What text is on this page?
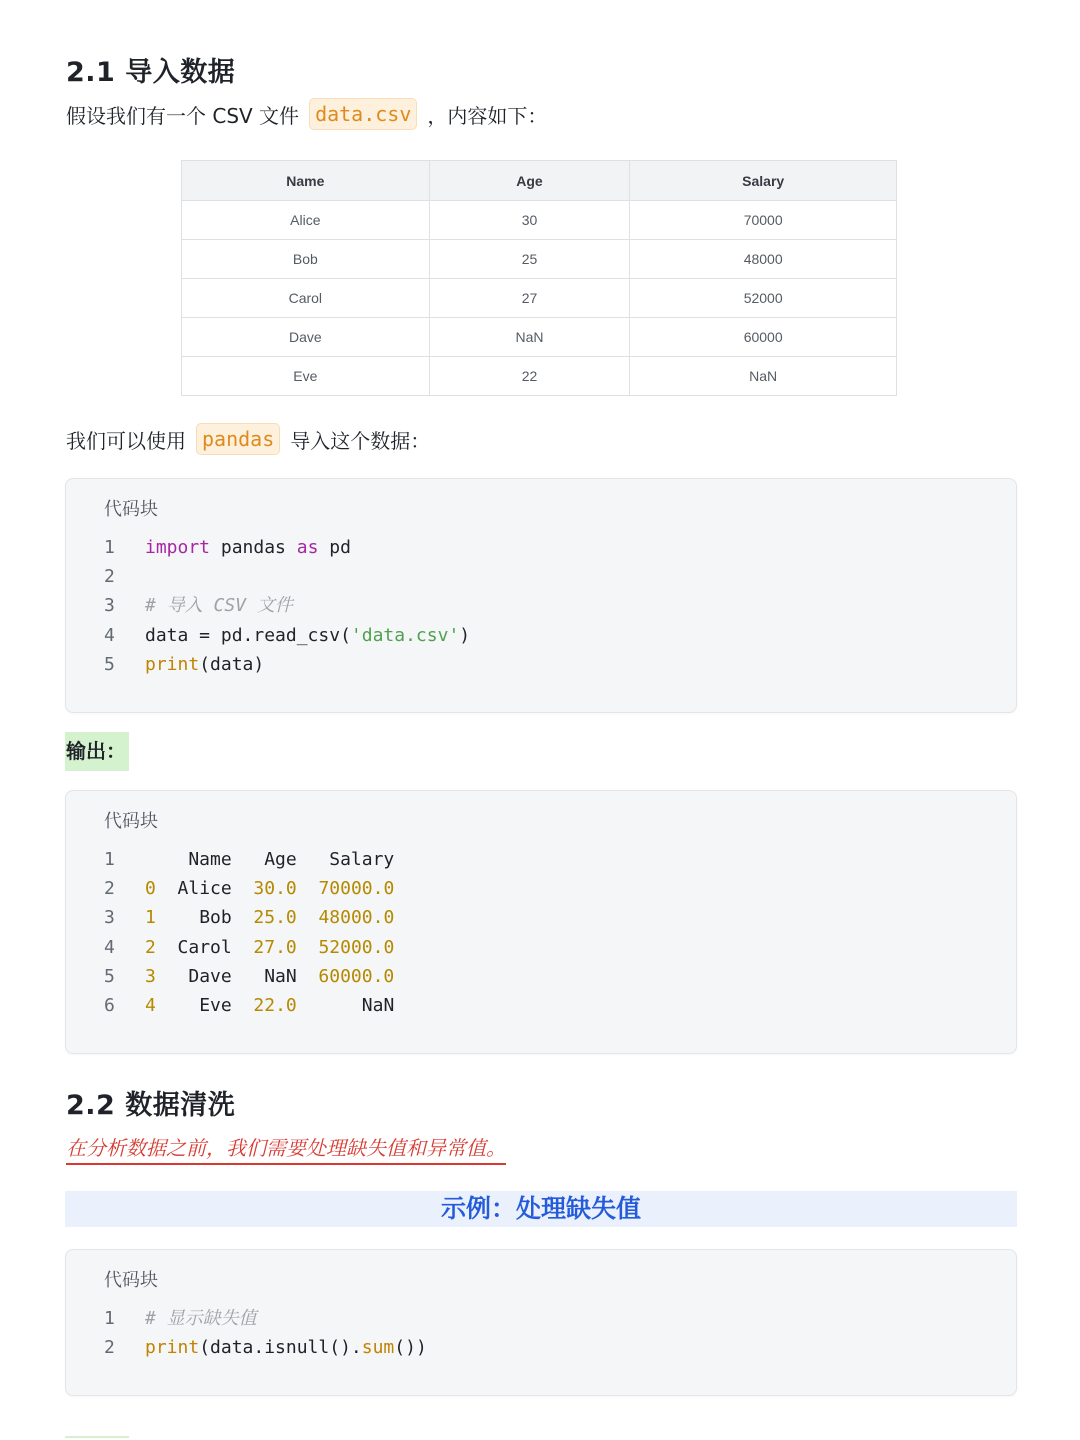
2.1 导入数据
假设我们有一个 CSV 文件 data.csv ，内容如下：
Name	Age	Salary
Alice	30	70000
Bob	25	48000
Carol	27	52000
Dave	NaN	60000
Eve	22	NaN
我们可以使用 pandas 导入这个数据：
代码块
1	import pandas as pd
2
3	# 导入 CSV 文件
4	data = pd.read_csv('data.csv')
5	print(data)
输出：
代码块
1	Name   Age   Salary
2	0  Alice  30.0 70000.0
3	1    Bob  25.0 48000.0
4	2  Carol  27.0 52000.0
5	3   Dave   NaN  60000.0
6	4    Eve  22.0      NaN
2.2 数据清洗
在分析数据之前，我们需要处理缺失值和异常值。
示例：处理缺失值
代码块
1	# 显示缺失值
2	print(data.isnull().sum())
